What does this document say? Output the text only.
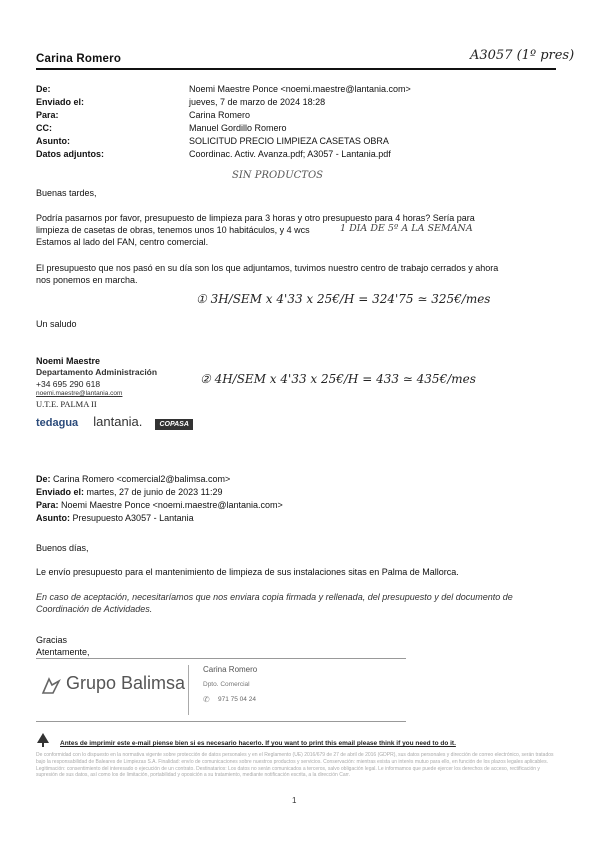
Carina Romero	A3057 (1º pres)
De:	Noemi Maestre Ponce <noemi.maestre@lantania.com>
Enviado el:	jueves, 7 de marzo de 2024 18:28
Para:	Carina Romero
CC:	Manuel Gordillo Romero
Asunto:	SOLICITUD PRECIO LIMPIEZA CASETAS OBRA
Datos adjuntos:	Coordinac. Activ. Avanza.pdf; A3057 - Lantania.pdf
SIN PRODUCTOS
Buenas tardes,
Podría pasarnos por favor, presupuesto de limpieza para 3 horas y otro presupuesto para 4 horas? Sería para
limpieza de casetas de obras, tenemos unos 10 habitáculos, y 4 wcs	1 DIA DE 5º A LA SEMANA
Estamos al lado del FAN, centro comercial.
El presupuesto que nos pasó en su día son los que adjuntamos, tuvimos nuestro centro de trabajo cerrados y ahora
nos ponemos en marcha.
① 3H/SEM x 4'33 x 25€/H = 324'75 ≃ 325€/mes
Un saludo
② 4H/SEM x 4'33 x 25€/H = 433 ≃ 435€/mes
Noemi Maestre
Departamento Administración
+34 695 290 618
noemi.maestre@lantania.com
U.T.E. PALMA II
tedagua lantania. COPASA
De: Carina Romero <comercial2@balimsa.com>
Enviado el: martes, 27 de junio de 2023 11:29
Para: Noemi Maestre Ponce <noemi.maestre@lantania.com>
Asunto: Presupuesto A3057 - Lantania
Buenos días,
Le envío presupuesto para el mantenimiento de limpieza de sus instalaciones sitas en Palma de Mallorca.
En caso de aceptación, necesitaríamos que nos enviara copia firmada y rellenada, del presupuesto y del documento de
Coordinación de Actividades.
Gracias
Atentamente,
Grupo Balimsa
Carina Romero
Dpto. Comercial
✆ 971 75 04 24
Antes de imprimir este e-mail piense bien si es necesario hacerlo. If you want to print this email please think if you need to do it.
De conformidad con lo dispuesto en la normativa vigente sobre protección de datos personales y en el Reglamento (UE) 2016/679 de 27 de abril de 2016 (GDPR), sus datos personales y dirección de correo electrónico, serán tratados bajo la responsabilidad de Baleares de Limpiezas S.A. Finalidad: envío de comunicaciones sobre nuestros productos y servicios. Conservación: mientras exista un interés mutuo para ello, en función de los plazos legales aplicables. Legitimación: consentimiento del interesado o ejecución de un contrato. Destinatarios: Los datos no serán comunicados a terceros, salvo obligación legal. Le informamos que puede ejercer los derechos de acceso, rectificación y supresión de sus datos, así como los de limitación, portabilidad y oposición a su tratamiento, mediante notificación escrita, a la dirección Carr.
1
